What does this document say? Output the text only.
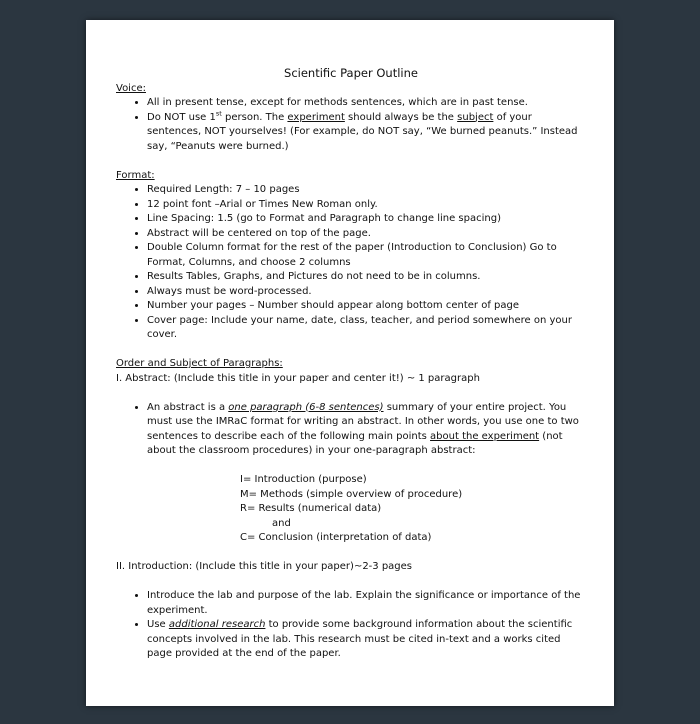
Scientific Paper Outline
Voice:
• All in present tense, except for methods sentences, which are in past tense.
• Do NOT use 1st person. The experiment should always be the subject of your sentences, NOT yourselves! (For example, do NOT say, “We burned peanuts.” Instead say, “Peanuts were burned.)
Format:
• Required Length: 7 – 10 pages
• 12 point font –Arial or Times New Roman only.
• Line Spacing: 1.5 (go to Format and Paragraph to change line spacing)
• Abstract will be centered on top of the page.
• Double Column format for the rest of the paper (Introduction to Conclusion) Go to Format, Columns, and choose 2 columns
• Results Tables, Graphs, and Pictures do not need to be in columns.
• Always must be word-processed.
• Number your pages – Number should appear along bottom center of page
• Cover page: Include your name, date, class, teacher, and period somewhere on your cover.
Order and Subject of Paragraphs:
I. Abstract: (Include this title in your paper and center it!) ~ 1 paragraph
• An abstract is a one paragraph (6-8 sentences) summary of your entire project. You must use the IMRaC format for writing an abstract. In other words, you use one to two sentences to describe each of the following main points about the experiment (not about the classroom procedures) in your one-paragraph abstract:
I= Introduction (purpose)
M= Methods (simple overview of procedure)
R= Results (numerical data)
and
C= Conclusion (interpretation of data)
II. Introduction: (Include this title in your paper)~2-3 pages
• Introduce the lab and purpose of the lab. Explain the significance or importance of the experiment.
• Use additional research to provide some background information about the scientific concepts involved in the lab. This research must be cited in-text and a works cited page provided at the end of the paper.
